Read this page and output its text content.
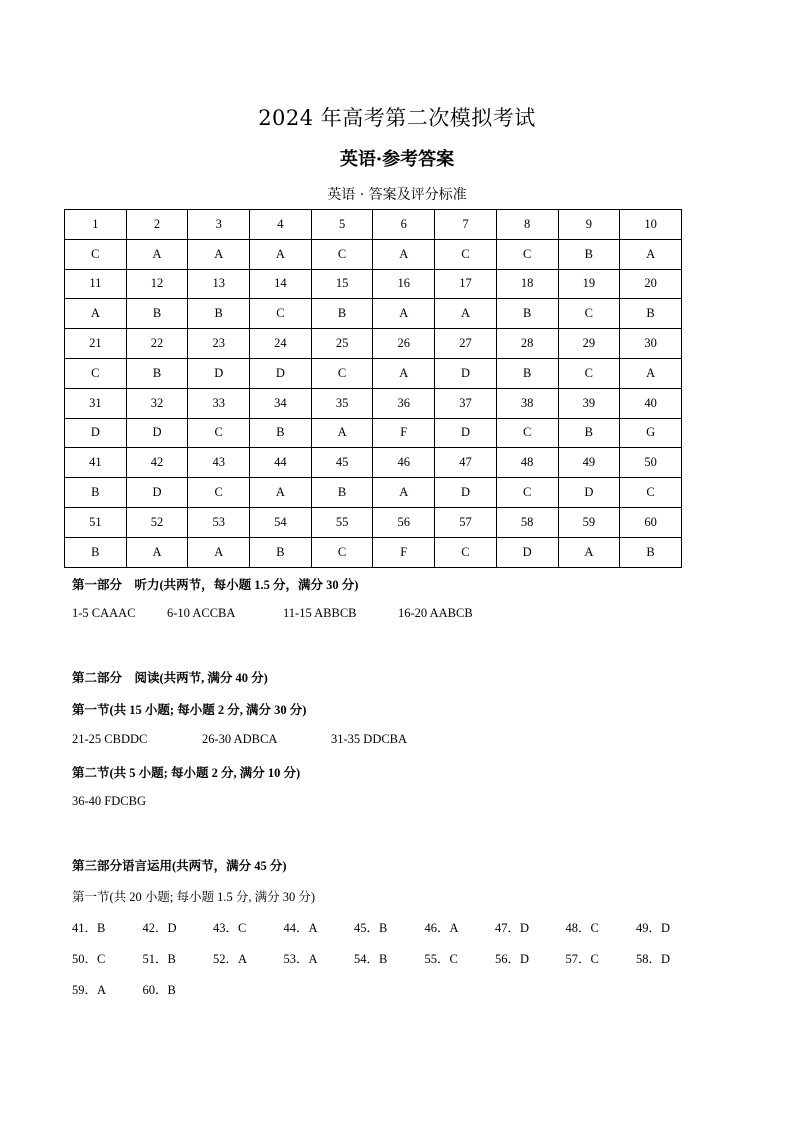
2024 年高考第二次模拟考试
英语·参考答案
英语 · 答案及评分标准
1	2	3	4	5	6	7	8	9	10
C	A	A	A	C	A	C	C	B	A
11	12	13	14	15	16	17	18	19	20
A	B	B	C	B	A	A	B	C	B
21	22	23	24	25	26	27	28	29	30
C	B	D	D	C	A	D	B	C	A
31	32	33	34	35	36	37	38	39	40
D	D	C	B	A	F	D	C	B	G
41	42	43	44	45	46	47	48	49	50
B	D	C	A	B	A	D	C	D	C
51	52	53	54	55	56	57	58	59	60
B	A	A	B	C	F	C	D	A	B
第一部分　听力(共两节，每小题 1.5 分，满分 30 分)
1-5 CAAAC	6-10 ACCBA	11-15 ABBCB	16-20 AABCB
第二部分　阅读(共两节, 满分 40 分)
第一节(共 15 小题; 每小题 2 分, 满分 30 分)
21-25 CBDDC	26-30 ADBCA	31-35 DDCBA
第二节(共 5 小题; 每小题 2 分, 满分 10 分)
36-40 FDCBG
第三部分语言运用(共两节，满分 45 分)
第一节(共 20 小题; 每小题 1.5 分, 满分 30 分)
41．B	42．D	43．C	44．A	45．B	46．A	47．D	48．C	49．D
50．C	51．B	52．A	53．A	54．B	55．C	56．D	57．C	58．D
59．A	60．B
